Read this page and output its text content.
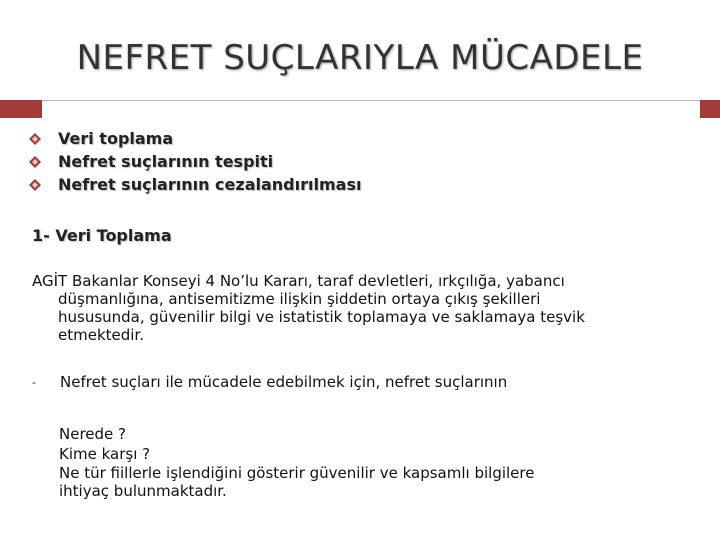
NEFRET SUÇLARIYLA MÜCADELE
Veri toplama
Nefret suçlarının tespiti
Nefret suçlarının cezalandırılması
1- Veri Toplama
AGİT Bakanlar Konseyi 4 No’lu Kararı, taraf devletleri, ırkçılığa, yabancı
düşmanlığına, antisemitizme ilişkin şiddetin ortaya çıkış şekilleri
hususunda, güvenilir bilgi ve istatistik toplamaya ve saklamaya teşvik
etmektedir.
- Nefret suçları ile mücadele edebilmek için, nefret suçlarının
Nerede ?
Kime karşı ?
Ne tür fiillerle işlendiğini gösterir güvenilir ve kapsamlı bilgilere
ihtiyaç bulunmaktadır.
